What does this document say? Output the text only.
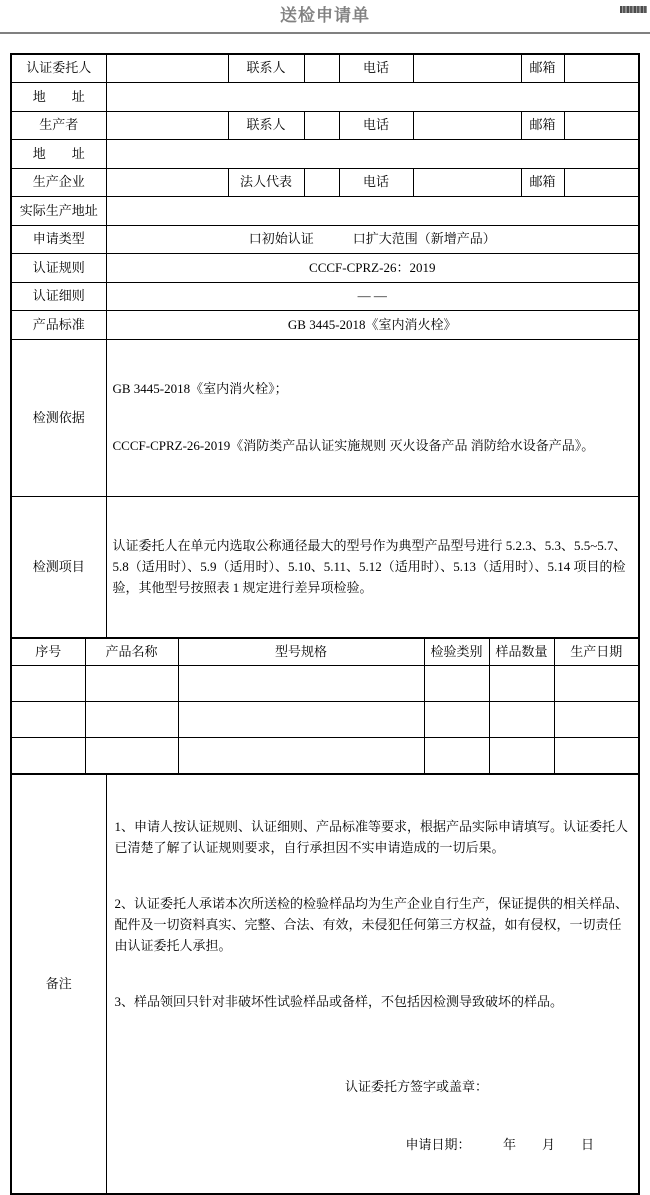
送检申请单
认证委托人		联系人		电话		邮箱	
地　　址							
生产者		联系人		电话		邮箱	
地　　址							
生产企业		法人代表		电话		邮箱	
实际生产地址							
申请类型	口初始认证　　　口扩大范围（新增产品）						
认证规则	CCCF-CPRZ-26：2019						
认证细则	— —						
产品标准	GB 3445-2018《室内消火栓》						
检测依据	GB 3445-2018《室内消火栓》；

CCCF-CPRZ-26-2019《消防类产品认证实施规则 灭火设备产品 消防给水设备产品》。						

检测项目	认证委托人在单元内选取公称通径最大的型号作为典型产品型号进行 5.2.3、5.3、5.5~5.7、5.8（适用时）、5.9（适用时）、5.10、5.11、5.12（适用时）、5.13（适用时）、5.14 项目的检验，其他型号按照表 1 规定进行差异项检验。						

序号	产品名称	型号规格	检验类别	样品数量	生产日期

备注	

1、申请人按认证规则、认证细则、产品标准等要求，根据产品实际申请填写。认证委托人已清楚了解了认证规则要求，自行承担因不实申请造成的一切后果。

2、认证委托人承诺本次所送检的检验样品均为生产企业自行生产，保证提供的相关样品、配件及一切资料真实、完整、合法、有效，未侵犯任何第三方权益，如有侵权，一切责任由认证委托人承担。

3、样品领回只针对非破坏性试验样品或备样，不包括因检测导致破坏的样品。

认证委托方签字或盖章：

申请日期：　　　年　　月　　日
